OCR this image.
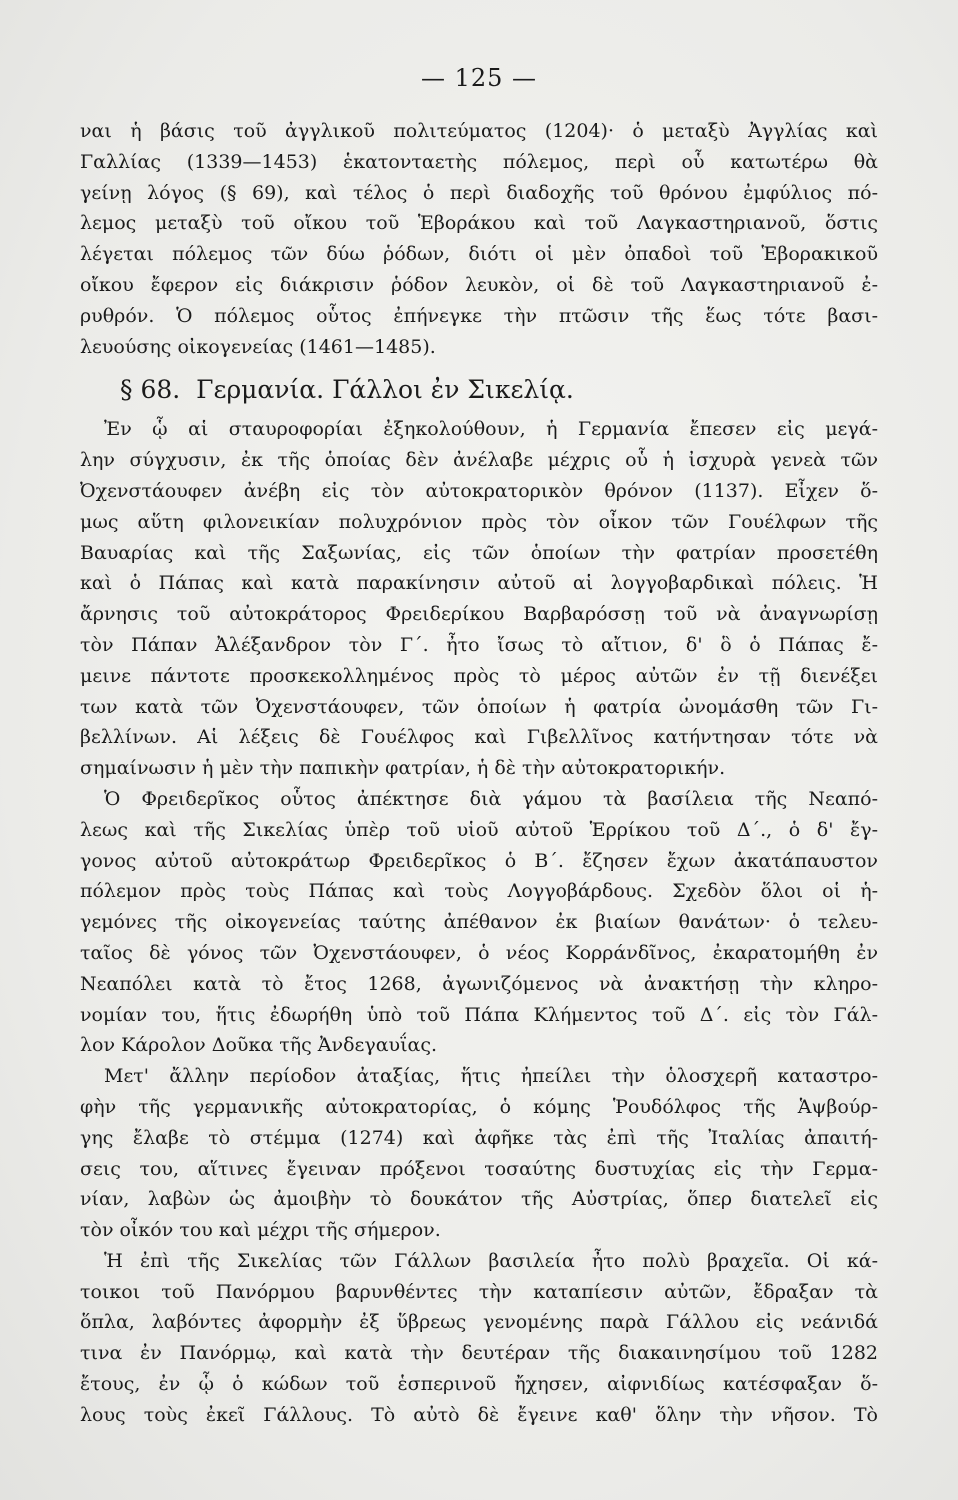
— 125 —
ναι ἡ βάσις τοῦ ἀγγλικοῦ πολιτεύματος (1204)· ὁ μεταξὺ Ἀγγλίας καὶ
Γαλλίας (1339—1453) ἑκατονταετὴς πόλεμος, περὶ οὗ κατωτέρω θὰ
γείνῃ λόγος (§ 69), καὶ τέλος ὁ περὶ διαδοχῆς τοῦ θρόνου ἐμφύλιος πό-
λεμος μεταξὺ τοῦ οἴκου τοῦ Ἑβοράκου καὶ τοῦ Λαγκαστηριανοῦ, ὅστις
λέγεται πόλεμος τῶν δύω ῥόδων, διότι οἱ μὲν ὀπαδοὶ τοῦ Ἑβορακικοῦ
οἴκου ἔφερον εἰς διάκρισιν ῥόδον λευκὸν, οἱ δὲ τοῦ Λαγκαστηριανοῦ ἐ-
ρυθρόν. Ὁ πόλεμος οὗτος ἐπήνεγκε τὴν πτῶσιν τῆς ἕως τότε βασι-
λευούσης οἰκογενείας (1461—1485).
§ 68. Γερμανία. Γάλλοι ἐν Σικελίᾳ.
Ἐν ᾧ αἱ σταυροφορίαι ἐξηκολούθουν, ἡ Γερμανία ἔπεσεν εἰς μεγά-
λην σύγχυσιν, ἐκ τῆς ὁποίας δὲν ἀνέλαβε μέχρις οὗ ἡ ἰσχυρὰ γενεὰ τῶν
Ὀχενστάουφεν ἀνέβη εἰς τὸν αὐτοκρατορικὸν θρόνον (1137). Εἶχεν ὅ-
μως αὕτη φιλονεικίαν πολυχρόνιον πρὸς τὸν οἶκον τῶν Γουέλφων τῆς
Βαυαρίας καὶ τῆς Σαξωνίας, εἰς τῶν ὁποίων τὴν φατρίαν προσετέθη
καὶ ὁ Πάπας καὶ κατὰ παρακίνησιν αὐτοῦ αἱ λογγοβαρδικαὶ πόλεις. Ἡ
ἄρνησις τοῦ αὐτοκράτορος Φρειδερίκου Βαρβαρόσσῃ τοῦ νὰ ἀναγνωρίσῃ
τὸν Πάπαν Ἀλέξανδρον τὸν Γ΄. ἦτο ἴσως τὸ αἴτιον, δ' ὃ ὁ Πάπας ἔ-
μεινε πάντοτε προσκεκολλημένος πρὸς τὸ μέρος αὐτῶν ἐν τῇ διενέξει
των κατὰ τῶν Ὀχενστάουφεν, τῶν ὁποίων ἡ φατρία ὠνομάσθη τῶν Γι-
βελλίνων. Αἱ λέξεις δὲ Γουέλφος καὶ Γιβελλῖνος κατήντησαν τότε νὰ
σημαίνωσιν ἡ μὲν τὴν παπικὴν φατρίαν, ἡ δὲ τὴν αὐτοκρατορικήν.
Ὁ Φρειδερῖκος οὗτος ἀπέκτησε διὰ γάμου τὰ βασίλεια τῆς Νεαπό-
λεως καὶ τῆς Σικελίας ὑπὲρ τοῦ υἱοῦ αὐτοῦ Ἑρρίκου τοῦ Δ΄., ὁ δ' ἔγ-
γονος αὐτοῦ αὐτοκράτωρ Φρειδερῖκος ὁ Β΄. ἔζησεν ἔχων ἀκατάπαυστον
πόλεμον πρὸς τοὺς Πάπας καὶ τοὺς Λογγοβάρδους. Σχεδὸν ὅλοι οἱ ἡ-
γεμόνες τῆς οἰκογενείας ταύτης ἀπέθανον ἐκ βιαίων θανάτων· ὁ τελευ-
ταῖος δὲ γόνος τῶν Ὀχενστάουφεν, ὁ νέος Κορράνδῖνος, ἐκαρατομήθη ἐν
Νεαπόλει κατὰ τὸ ἔτος 1268, ἀγωνιζόμενος νὰ ἀνακτήσῃ τὴν κληρο-
νομίαν του, ἥτις ἐδωρήθη ὑπὸ τοῦ Πάπα Κλήμεντος τοῦ Δ΄. εἰς τὸν Γάλ-
λον Κάρολον Δοῦκα τῆς Ἀνδεγαυΐας.
Μετ' ἄλλην περίοδον ἀταξίας, ἥτις ἠπείλει τὴν ὁλοσχερῆ καταστρο-
φὴν τῆς γερμανικῆς αὐτοκρατορίας, ὁ κόμης Ῥουδόλφος τῆς Ἁψβούρ-
γης ἔλαβε τὸ στέμμα (1274) καὶ ἀφῆκε τὰς ἐπὶ τῆς Ἰταλίας ἀπαιτή-
σεις του, αἵτινες ἔγειναν πρόξενοι τοσαύτης δυστυχίας εἰς τὴν Γερμα-
νίαν, λαβὼν ὡς ἀμοιβὴν τὸ δουκάτον τῆς Αὐστρίας, ὅπερ διατελεῖ εἰς
τὸν οἶκόν του καὶ μέχρι τῆς σήμερον.
Ἡ ἐπὶ τῆς Σικελίας τῶν Γάλλων βασιλεία ἦτο πολὺ βραχεῖα. Οἱ κά-
τοικοι τοῦ Πανόρμου βαρυνθέντες τὴν καταπίεσιν αὐτῶν, ἔδραξαν τὰ
ὅπλα, λαβόντες ἀφορμὴν ἐξ ὕβρεως γενομένης παρὰ Γάλλου εἰς νεάνιδά
τινα ἐν Πανόρμῳ, καὶ κατὰ τὴν δευτέραν τῆς διακαινησίμου τοῦ 1282
ἔτους, ἐν ᾧ ὁ κώδων τοῦ ἑσπερινοῦ ἤχησεν, αἰφνιδίως κατέσφαξαν ὅ-
λους τοὺς ἐκεῖ Γάλλους. Τὸ αὐτὸ δὲ ἔγεινε καθ' ὅλην τὴν νῆσον. Τὸ
